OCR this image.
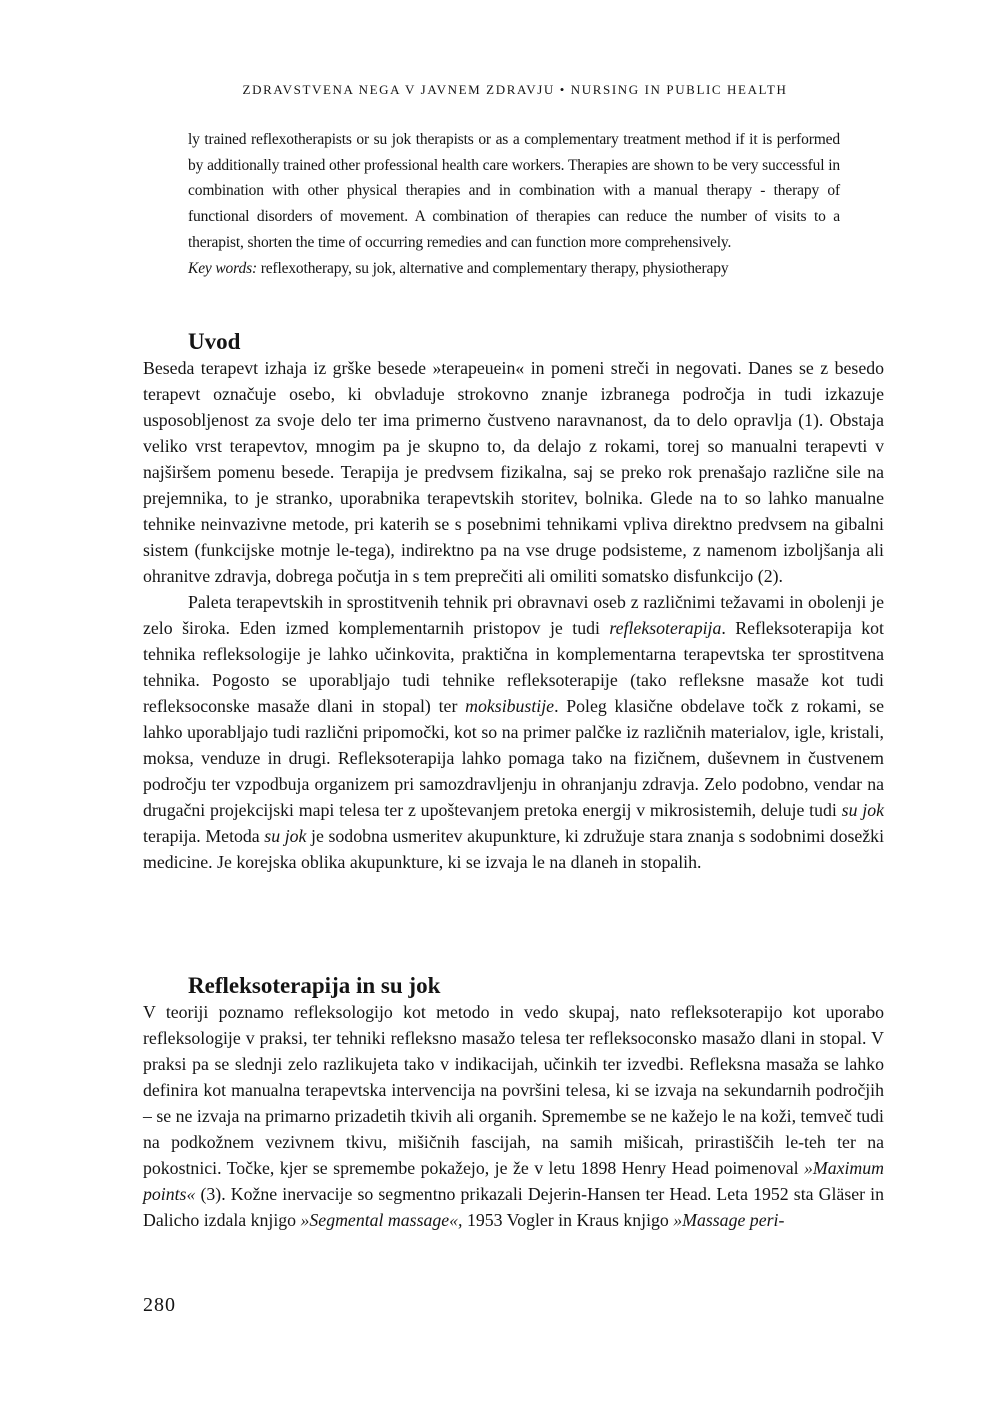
ZDRAVSTVENA NEGA V JAVNEM ZDRAVJU • NURSING IN PUBLIC HEALTH

ly trained reflexotherapists or su jok therapists or as a complementary treatment method if it is performed by additionally trained other professional health care workers. Therapies are shown to be very successful in combination with other physical therapies and in combination with a manual therapy - therapy of functional disorders of movement. A combination of therapies can reduce the number of visits to a therapist, shorten the time of occurring remedies and can function more comprehensively.

Key words: reflexotherapy, su jok, alternative and complementary therapy, physiotherapy

Uvod

Beseda terapevt izhaja iz grške besede »terapeuein« in pomeni streči in negovati. Danes se z besedo terapevt označuje osebo, ki obvladuje strokovno znanje izbranega področja in tudi izkazuje usposobljenost za svoje delo ter ima primerno čustveno naravnanost, da to delo opravlja (1). Obstaja veliko vrst terapevtov, mnogim pa je skupno to, da delajo z rokami, torej so manualni terapevti v najširšem pomenu besede. Terapija je predvsem fizikalna, saj se preko rok prenašajo različne sile na prejemnika, to je stranko, uporabnika terapevtskih storitev, bolnika. Glede na to so lahko manualne tehnike neinvazivne metode, pri katerih se s posebnimi tehnikami vpliva direktno predvsem na gibalni sistem (funkcijske motnje le-tega), indirektno pa na vse druge podsisteme, z namenom izboljšanja ali ohranitve zdravja, dobrega počutja in s tem preprečiti ali omiliti somatsko disfunkcijo (2).

Paleta terapevtskih in sprostitvenih tehnik pri obravnavi oseb z različnimi težavami in obolenji je zelo široka. Eden izmed komplementarnih pristopov je tudi refleksoterapija. Refleksoterapija kot tehnika refleksologije je lahko učinkovita, praktična in komplementarna terapevtska ter sprostitvena tehnika. Pogosto se uporabljajo tudi tehnike refleksoterapije (tako refleksne masaže kot tudi refleksoconske masaže dlani in stopal) ter moksibustije. Poleg klasične obdelave točk z rokami, se lahko uporabljajo tudi različni pripomočki, kot so na primer palčke iz različnih materialov, igle, kristali, moksa, venduze in drugi. Refleksoterapija lahko pomaga tako na fizičnem, duševnem in čustvenem področju ter vzpodbuja organizem pri samozdravljenju in ohranjanju zdravja. Zelo podobno, vendar na drugačni projekcijski mapi telesa ter z upoštevanjem pretoka energij v mikrosistemih, deluje tudi su jok terapija. Metoda su jok je sodobna usmeritev akupunkture, ki združuje stara znanja s sodobnimi dosežki medicine. Je korejska oblika akupunkture, ki se izvaja le na dlaneh in stopalih.

Refleksoterapija in su jok

V teoriji poznamo refleksologijo kot metodo in vedo skupaj, nato refleksoterapijo kot uporabo refleksologije v praksi, ter tehniki refleksno masažo telesa ter refleksoconsko masažo dlani in stopal. V praksi pa se slednji zelo razlikujeta tako v indikacijah, učinkih ter izvedbi. Refleksna masaža se lahko definira kot manualna terapevtska intervencija na površini telesa, ki se izvaja na sekundarnih področjih – se ne izvaja na primarno prizadetih tkivih ali organih. Spremembe se ne kažejo le na koži, temveč tudi na podkožnem vezivnem tkivu, mišičnih fascijah, na samih mišicah, prirastiščih le-teh ter na pokostnici. Točke, kjer se spremembe pokažejo, je že v letu 1898 Henry Head poimenoval »Maximum points« (3). Kožne inervacije so segmentno prikazali Dejerin-Hansen ter Head. Leta 1952 sta Gläser in Dalicho izdala knjigo »Segmental massage«, 1953 Vogler in Kraus knjigo »Massage peri-

280
